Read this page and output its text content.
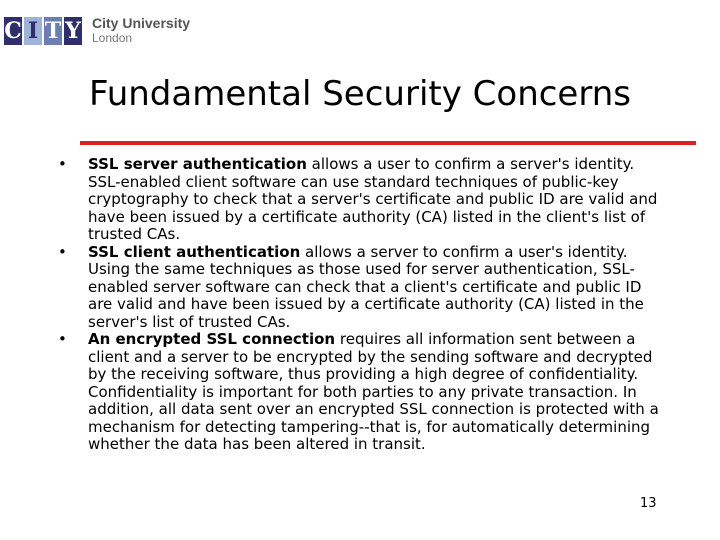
C I T Y City University
London
Fundamental Security Concerns
• SSL server authentication allows a user to confirm a server's identity. SSL-enabled client software can use standard techniques of public-key cryptography to check that a server's certificate and public ID are valid and have been issued by a certificate authority (CA) listed in the client's list of trusted CAs.
• SSL client authentication allows a server to confirm a user's identity. Using the same techniques as those used for server authentication, SSL-enabled server software can check that a client's certificate and public ID are valid and have been issued by a certificate authority (CA) listed in the server's list of trusted CAs.
• An encrypted SSL connection requires all information sent between a client and a server to be encrypted by the sending software and decrypted by the receiving software, thus providing a high degree of confidentiality. Confidentiality is important for both parties to any private transaction. In addition, all data sent over an encrypted SSL connection is protected with a mechanism for detecting tampering--that is, for automatically determining whether the data has been altered in transit.
13
